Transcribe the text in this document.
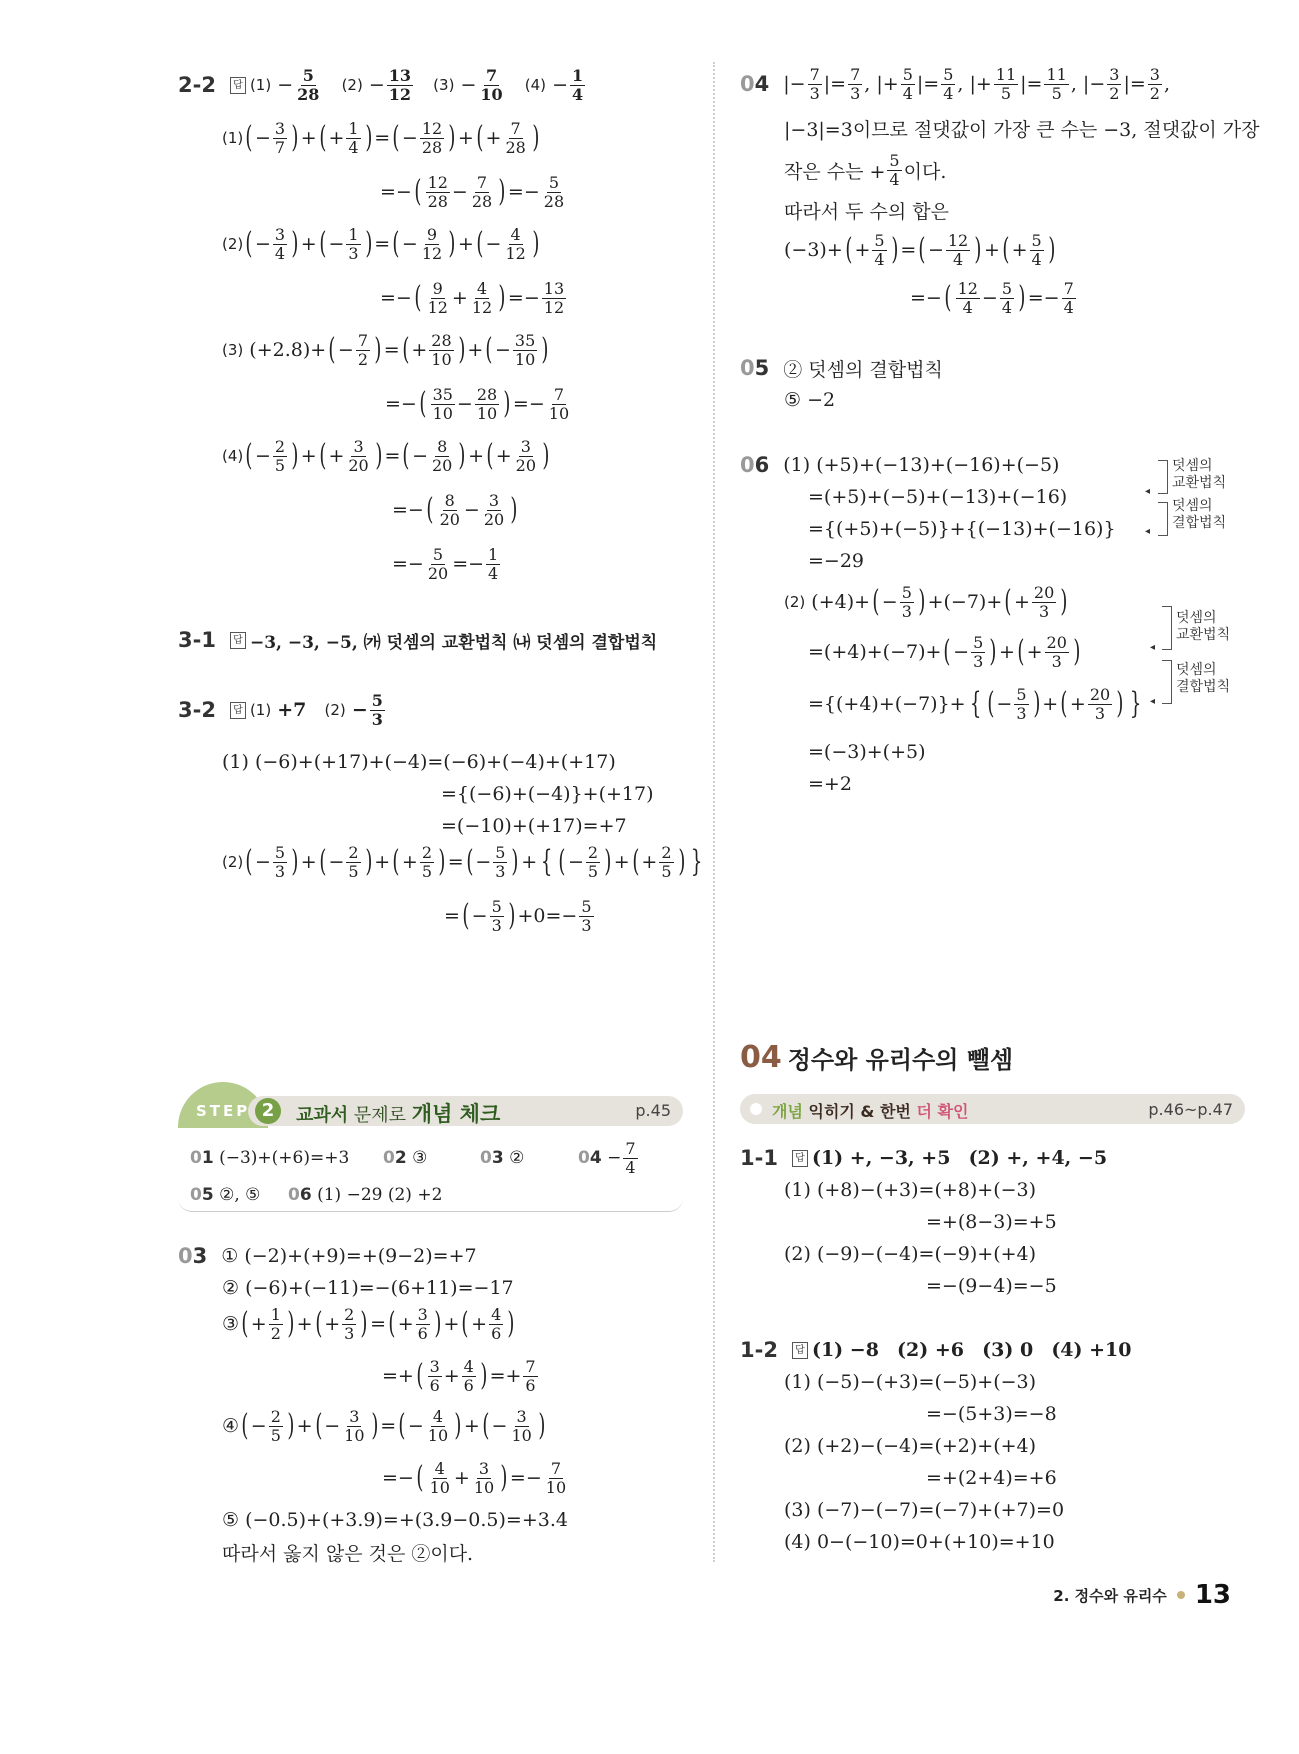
2-2	답 $(1) - \frac{5}{28}$
$(2) - \frac{13}{12}$
$(3) - \frac{7}{10}$
$(4) - \frac{1}{4}$
(1) ( − $\frac{3}{7}$ ) + ( + $\frac{1}{4}$ ) = ( − $\frac{12}{28}$ ) + ( + $\frac{7}{28}$ )
=− ( $\frac{12}{28} - \frac{7}{28}$ ) =− $\frac{5}{28}$
(2) ( − $\frac{3}{4}$ ) + ( − $\frac{1}{3}$ ) = ( − $\frac{9}{12}$ ) + ( − $\frac{4}{12}$ )
=− ( $\frac{9}{12} + \frac{4}{12}$ ) =− $\frac{13}{12}$
(3) (+2.8)+ ( − $\frac{7}{2}$ ) = ( + $\frac{28}{10}$ ) + ( − $\frac{35}{10}$ )
=− ( $\frac{35}{10} - \frac{28}{10}$ ) =− $\frac{7}{10}$
(4) ( − $\frac{2}{5}$ ) + ( + $\frac{3}{20}$ ) = ( − $\frac{8}{20}$ ) + ( + $\frac{3}{20}$ )
=− ( $\frac{8}{20} - \frac{3}{20}$ )
=− $\frac{5}{20} =- \frac{1}{4}$
3-1	답 −3, −3, −5, ㈎ 덧셈의 교환법칙 ㈏ 덧셈의 결합법칙
3-2	답 (1)
+7
(2)
− $\frac{5}{3}$
(1) (−6)+(+17)+(−4)=(−6)+(−4)+(+17)
={(−6)+(−4)}+(+17)
=(−10)+(+17)=+7
(2) ( − $\frac{5}{3}$ ) + ( − $\frac{2}{5}$ ) + ( + $\frac{2}{5}$ ) = ( − $\frac{5}{3}$ ) + { ( − $\frac{2}{5}$ ) + ( + $\frac{2}{5}$ ) }
= ( − $\frac{5}{3}$ ) $+0=- \frac{5}{3}$
STEP 2	교과서 문제로 개념 체크	p.45
01
(−3)+(+6)=+3 02
③	03
②	$04 - \frac{7}{4}$
05
②, ⑤ 06
(1) −29 (2) +2
03 ① (−2)+(+9)=+(9−2)=+7
② (−6)+(−11)=−(6+11)=−17
③ ( + $\frac{1}{2}$ ) + ( + $\frac{2}{3}$ ) = ( + $\frac{3}{6}$ ) + ( + $\frac{4}{6}$ )
=+ ( $\frac{3}{6} + \frac{4}{6}$ ) =+ $\frac{7}{6}$
④ ( − $\frac{2}{5}$ ) + ( − $\frac{3}{10}$ ) = ( − $\frac{4}{10}$ ) + ( − $\frac{3}{10}$ )
=− ( $\frac{4}{10} + \frac{3}{10}$ ) =− $\frac{7}{10}$
⑤ (−0.5)+(+3.9)=+(3.9−0.5)=+3.4
따라서 옳지 않은 것은 ②이다.
04 |− $\frac{7}{3}$ |= $\frac{7}{3}$ , |+ $\frac{5}{4}$ |= $\frac{5}{4}$ , |+ $\frac{11}{5}$ |= $\frac{11}{5}$ , |− $\frac{3}{2}$ |= $\frac{3}{2}$ ,
|−3|=3이므로 절댓값이 가장 큰 수는 −3, 절댓값이 가장
작은 수는 + $\frac{5}{4}$ 이다.
따라서 두 수의 합은
(−3)+ ( + $\frac{5}{4}$ ) = ( − $\frac{12}{4}$ ) + ( + $\frac{5}{4}$ )
=− ( $\frac{12}{4} - \frac{5}{4}$ ) =− $\frac{7}{4}$
05 ② 덧셈의 결합법칙
⑤ −2
06 (1) (+5)+(−13)+(−16)+(−5)
=(+5)+(−5)+(−13)+(−16)
={(+5)+(−5)}+{(−13)+(−16)}
=−29
◂
◂
덧셈의
교환법칙
덧셈의
결합법칙
(2) (+4)+ ( − $\frac{5}{3}$ ) +(−7)+ ( + $\frac{20}{3}$ )
=(+4)+(−7)+ ( − $\frac{5}{3}$ ) + ( + $\frac{20}{3}$ )
={(+4)+(−7)}+ { ( − $\frac{5}{3}$ ) + ( + $\frac{20}{3}$ ) }
=(−3)+(+5)
=+2
◂
◂
덧셈의
교환법칙
덧셈의
결합법칙
04 정수와 유리수의 뺄셈
개념 익히기 & 한번 더 확인	p.46~p.47
1-1	답 (1) +, −3, +5
(2) +, +4, −5
(1) (+8)−(+3)=(+8)+(−3)
=+(8−3)=+5
(2) (−9)−(−4)=(−9)+(+4)
=−(9−4)=−5
1-2	답 (1) −8
(2) +6
(3) 0
(4) +10
(1) (−5)−(+3)=(−5)+(−3)
=−(5+3)=−8
(2) (+2)−(−4)=(+2)+(+4)
=+(2+4)=+6
(3) (−7)−(−7)=(−7)+(+7)=0
(4) 0−(−10)=0+(+10)=+10
2. 정수와 유리수 13
